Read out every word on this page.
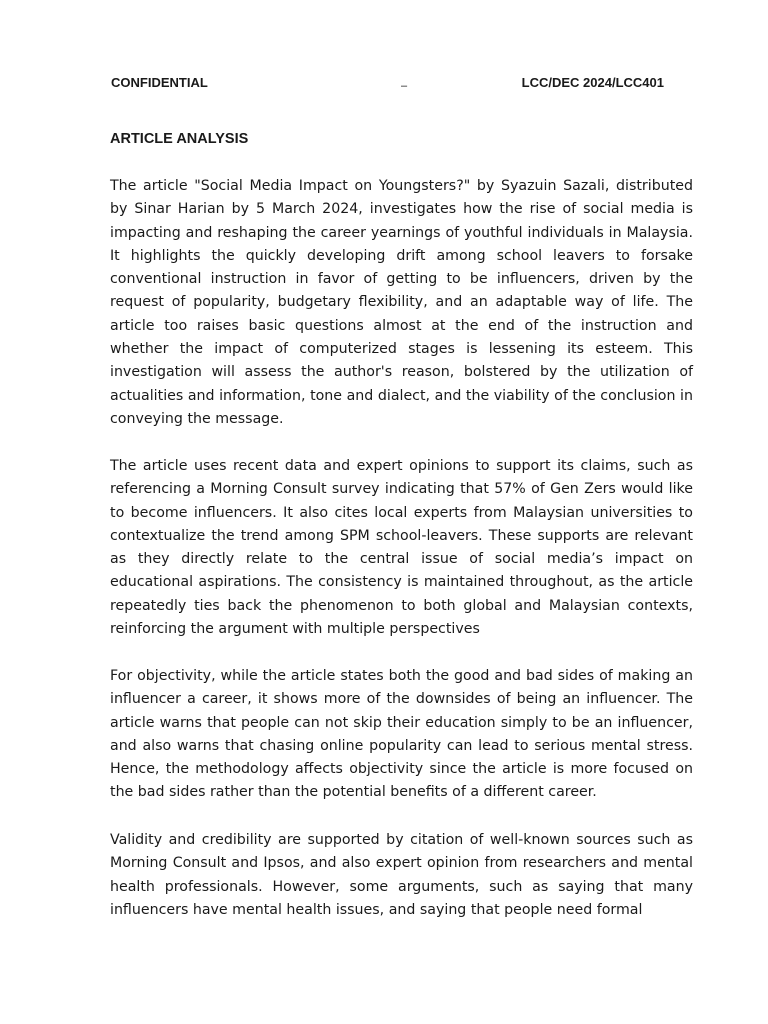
CONFIDENTIAL	–	LCC/DEC 2024/LCC401
ARTICLE ANALYSIS

The article "Social Media Impact on Youngsters?" by Syazuin Sazali, distributed by Sinar Harian by 5 March 2024, investigates how the rise of social media is impacting and reshaping the career yearnings of youthful individuals in Malaysia. It highlights the quickly developing drift among school leavers to forsake conventional instruction in favor of getting to be influencers, driven by the request of popularity, budgetary flexibility, and an adaptable way of life. The article too raises basic questions almost at the end of the instruction and whether the impact of computerized stages is lessening its esteem. This investigation will assess the author's reason, bolstered by the utilization of actualities and information, tone and dialect, and the viability of the conclusion in conveying the message.

The article uses recent data and expert opinions to support its claims, such as referencing a Morning Consult survey indicating that 57% of Gen Zers would like to become influencers. It also cites local experts from Malaysian universities to contextualize the trend among SPM school-leavers. These supports are relevant as they directly relate to the central issue of social media’s impact on educational aspirations. The consistency is maintained throughout, as the article repeatedly ties back the phenomenon to both global and Malaysian contexts, reinforcing the argument with multiple perspectives

For objectivity, while the article states both the good and bad sides of making an influencer a career, it shows more of the downsides of being an influencer. The article warns that people can not skip their education simply to be an influencer, and also warns that chasing online popularity can lead to serious mental stress. Hence, the methodology affects objectivity since the article is more focused on the bad sides rather than the potential benefits of a different career.

Validity and credibility are supported by citation of well-known sources such as Morning Consult and Ipsos, and also expert opinion from researchers and mental health professionals. However, some arguments, such as saying that many influencers have mental health issues, and saying that people need formal
